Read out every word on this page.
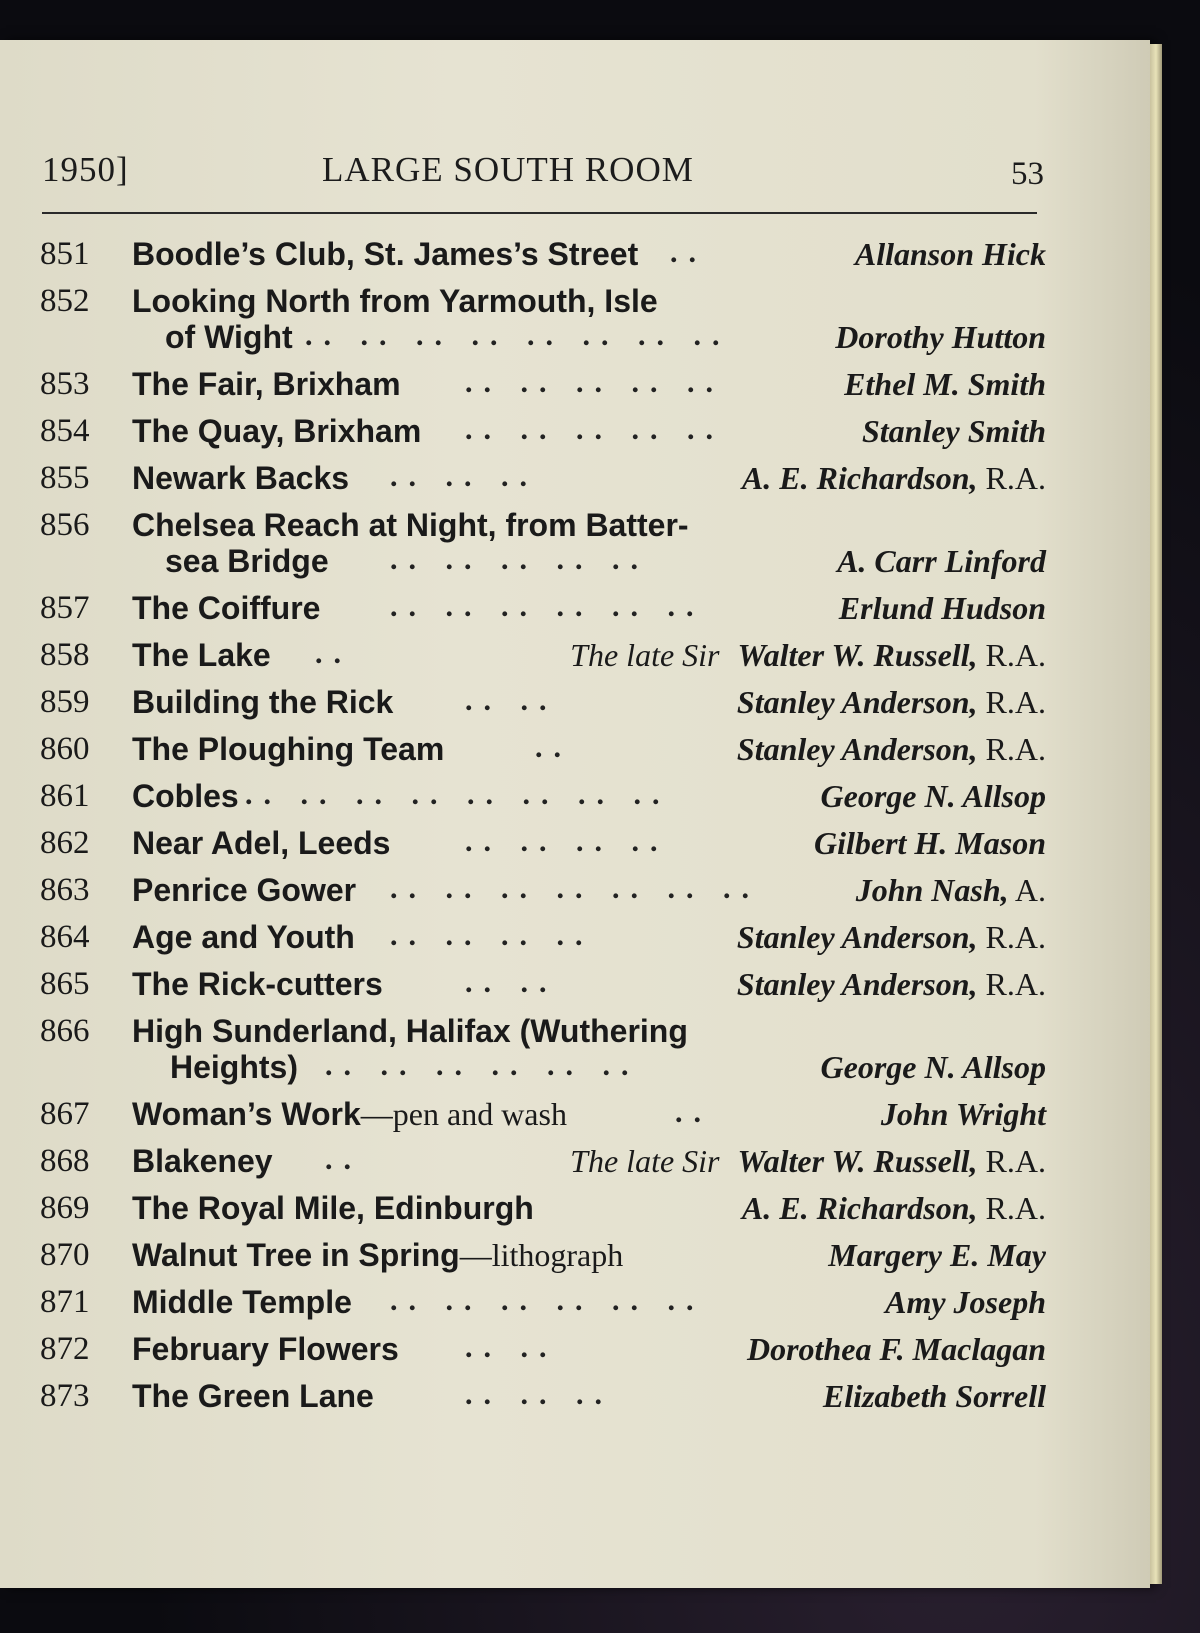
1950]	LARGE SOUTH ROOM	53
851 Boodle’s Club, St. James’s Street ..	Allanson Hick
852 Looking North from Yarmouth, Isle
of Wight .. .. .. .. .. .. .. ..	Dorothy Hutton
853 The Fair, Brixham .. .. .. .. ..	Ethel M. Smith
854 The Quay, Brixham .. .. .. .. ..	Stanley Smith
855 Newark Backs .. .. ..	A. E. Richardson, R.A.
856 Chelsea Reach at Night, from Batter-
sea Bridge .. .. .. .. ..	A. Carr Linford
857 The Coiffure .. .. .. .. .. ..	Erlund Hudson
858 The Lake ..	The late Sir Walter W. Russell, R.A.
859 Building the Rick .. ..	Stanley Anderson, R.A.
860 The Ploughing Team	..	Stanley Anderson, R.A.
861 Cobles .. .. .. .. .. .. .. ..	George N. Allsop
862 Near Adel, Leeds .. .. .. ..	Gilbert H. Mason
863 Penrice Gower .. .. .. .. .. .. ..	John Nash, A.
864 Age and Youth .. .. .. ..	Stanley Anderson, R.A.
865 The Rick-cutters	.. ..	Stanley Anderson, R.A.
866 High Sunderland, Halifax (Wuthering
Heights) .. .. .. .. .. ..	George N. Allsop
867 Woman’s Work—pen and wash	..	John Wright
868 Blakeney ..	The late Sir Walter W. Russell, R.A.
869 The Royal Mile, Edinburgh	A. E. Richardson, R.A.
870 Walnut Tree in Spring—lithograph	Margery E. May
871 Middle Temple .. .. .. .. .. ..	Amy Joseph
872 February Flowers .. ..	Dorothea F. Maclagan
873 The Green Lane	.. .. ..	Elizabeth Sorrell
